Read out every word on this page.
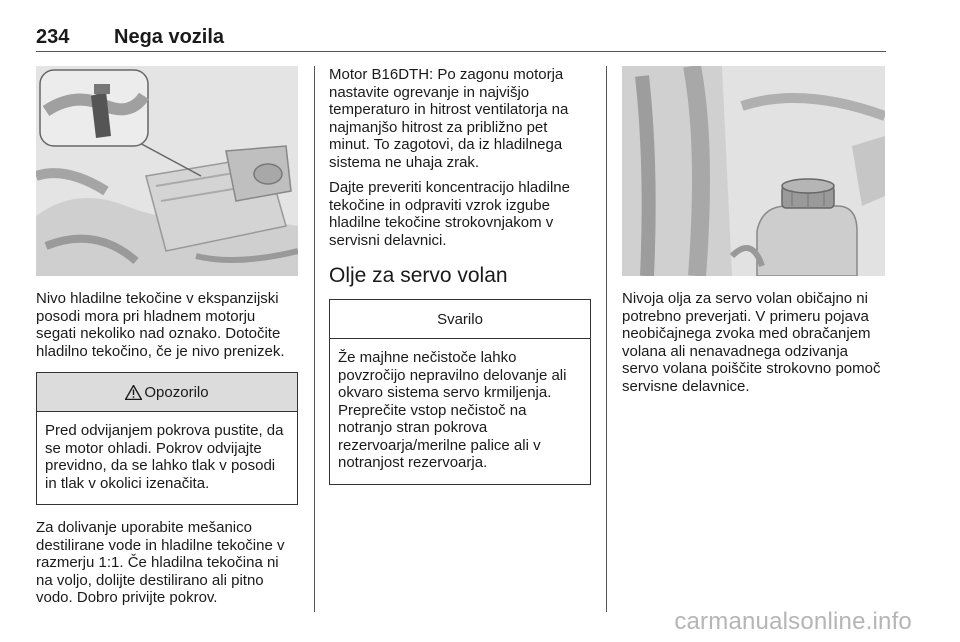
234 Nega vozila

Nivo hladilne tekočine v ekspanzijski posodi mora pri hladnem motorju segati nekoliko nad oznako. Dotočite hladilno tekočino, če je nivo prenizek.

Opozorilo
Pred odvijanjem pokrova pustite, da se motor ohladi. Pokrov odvijajte previdno, da se lahko tlak v posodi in tlak v okolici izenačita.

Za dolivanje uporabite mešanico destilirane vode in hladilne tekočine v razmerju 1:1. Če hladilna tekočina ni na voljo, dolijte destilirano ali pitno vodo. Dobro privijte pokrov.

Motor B16DTH: Po zagonu motorja nastavite ogrevanje in najvišjo temperaturo in hitrost ventilatorja na najmanjšo hitrost za približno pet minut. To zagotovi, da iz hladilnega sistema ne uhaja zrak.

Dajte preveriti koncentracijo hladilne tekočine in odpraviti vzrok izgube hladilne tekočine strokovnjakom v servisni delavnici.

Olje za servo volan
Svarilo
Že majhne nečistoče lahko povzročijo nepravilno delovanje ali okvaro sistema servo krmiljenja. Preprečite vstop nečistoč na notranjo stran pokrova rezervoarja/merilne palice ali v notranjost rezervoarja.

Nivoja olja za servo volan običajno ni potrebno preverjati. V primeru pojava neobičajnega zvoka med obračanjem volana ali nenavadnega odzivanja servo volana poiščite strokovno pomoč servisne delavnice.

carmanualsonline.info
